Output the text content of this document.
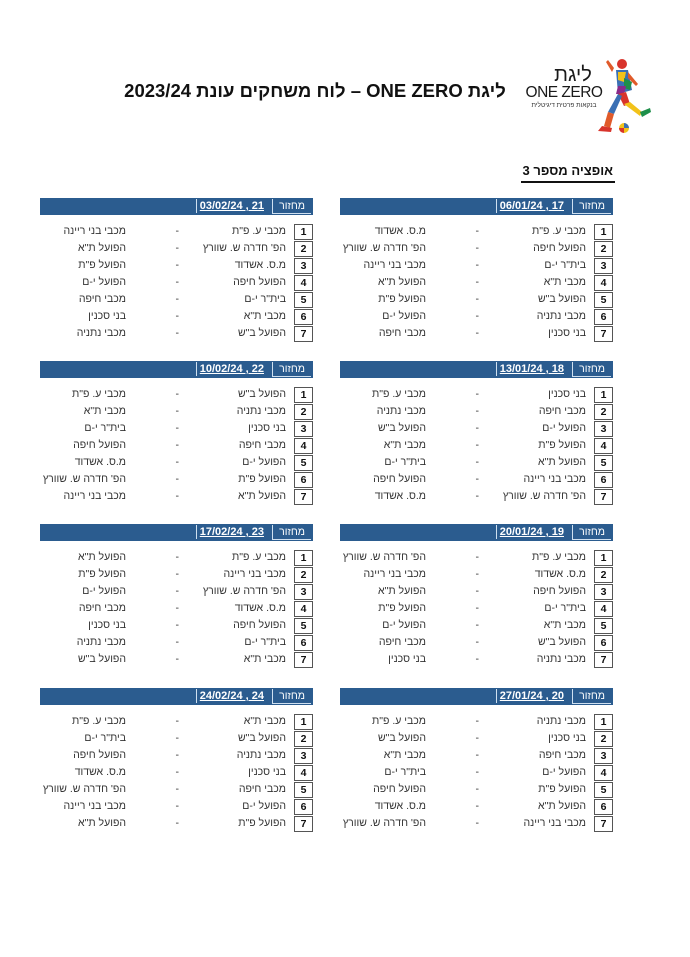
ליגת ONE ZERO – לוח משחקים עונת 2023/24
ליגת
ONE ZERO
בנקאות פרטית דיגיטלית
אופציה מספר 3
מחזור
06/01/24 , 17
1
מכבי ע. פ"ת
-
מ.ס. אשדוד
2
הפועל חיפה
-
הפ' חדרה ש. שוורץ
3
בית"ר י-ם
-
מכבי בני ריינה
4
מכבי ת"א
-
הפועל ת"א
5
הפועל ב"ש
-
הפועל פ"ת
6
מכבי נתניה
-
הפועל י-ם
7
בני סכנין
-
מכבי חיפה
מחזור
03/02/24 , 21
1
מכבי ע. פ"ת
-
מכבי בני ריינה
2
הפ' חדרה ש. שוורץ
-
הפועל ת"א
3
מ.ס. אשדוד
-
הפועל פ"ת
4
הפועל חיפה
-
הפועל י-ם
5
בית"ר י-ם
-
מכבי חיפה
6
מכבי ת"א
-
בני סכנין
7
הפועל ב"ש
-
מכבי נתניה
מחזור
13/01/24 , 18
1
בני סכנין
-
מכבי ע. פ"ת
2
מכבי חיפה
-
מכבי נתניה
3
הפועל י-ם
-
הפועל ב"ש
4
הפועל פ"ת
-
מכבי ת"א
5
הפועל ת"א
-
בית"ר י-ם
6
מכבי בני ריינה
-
הפועל חיפה
7
הפ' חדרה ש. שוורץ
-
מ.ס. אשדוד
מחזור
10/02/24 , 22
1
הפועל ב"ש
-
מכבי ע. פ"ת
2
מכבי נתניה
-
מכבי ת"א
3
בני סכנין
-
בית"ר י-ם
4
מכבי חיפה
-
הפועל חיפה
5
הפועל י-ם
-
מ.ס. אשדוד
6
הפועל פ"ת
-
הפ' חדרה ש. שוורץ
7
הפועל ת"א
-
מכבי בני ריינה
מחזור
20/01/24 , 19
1
מכבי ע. פ"ת
-
הפ' חדרה ש. שוורץ
2
מ.ס. אשדוד
-
מכבי בני ריינה
3
הפועל חיפה
-
הפועל ת"א
4
בית"ר י-ם
-
הפועל פ"ת
5
מכבי ת"א
-
הפועל י-ם
6
הפועל ב"ש
-
מכבי חיפה
7
מכבי נתניה
-
בני סכנין
מחזור
17/02/24 , 23
1
מכבי ע. פ"ת
-
הפועל ת"א
2
מכבי בני ריינה
-
הפועל פ"ת
3
הפ' חדרה ש. שוורץ
-
הפועל י-ם
4
מ.ס. אשדוד
-
מכבי חיפה
5
הפועל חיפה
-
בני סכנין
6
בית"ר י-ם
-
מכבי נתניה
7
מכבי ת"א
-
הפועל ב"ש
מחזור
27/01/24 , 20
1
מכבי נתניה
-
מכבי ע. פ"ת
2
בני סכנין
-
הפועל ב"ש
3
מכבי חיפה
-
מכבי ת"א
4
הפועל י-ם
-
בית"ר י-ם
5
הפועל פ"ת
-
הפועל חיפה
6
הפועל ת"א
-
מ.ס. אשדוד
7
מכבי בני ריינה
-
הפ' חדרה ש. שוורץ
מחזור
24/02/24 , 24
1
מכבי ת"א
-
מכבי ע. פ"ת
2
הפועל ב"ש
-
בית"ר י-ם
3
מכבי נתניה
-
הפועל חיפה
4
בני סכנין
-
מ.ס. אשדוד
5
מכבי חיפה
-
הפ' חדרה ש. שוורץ
6
הפועל י-ם
-
מכבי בני ריינה
7
הפועל פ"ת
-
הפועל ת"א
